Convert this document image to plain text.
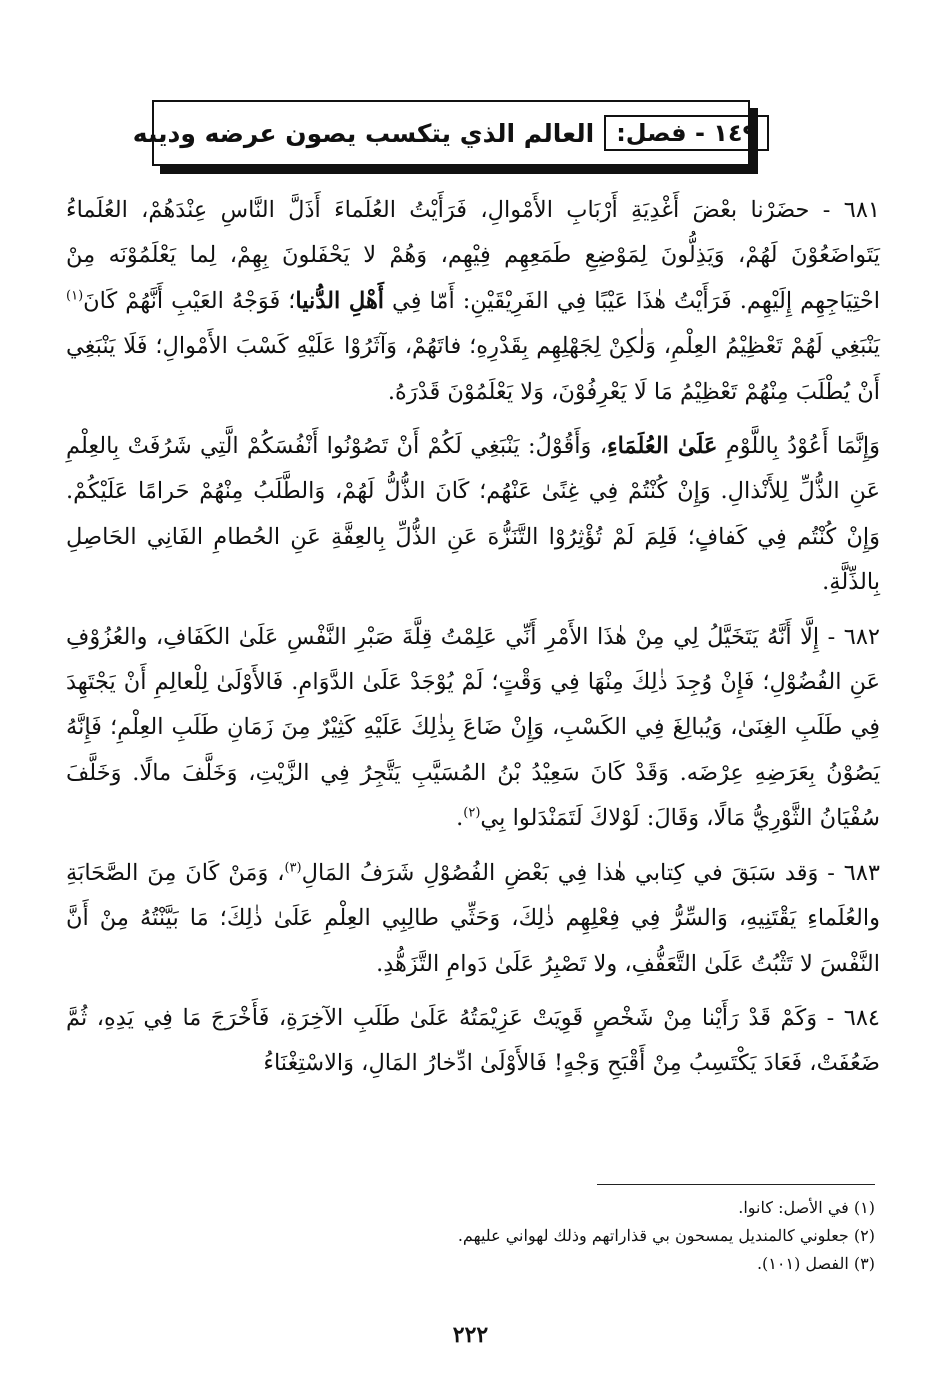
١٤٩ - فصل:
العالم الذي يتكسب يصون عرضه ودينه

٦٨١ - حضَرْنا بعْضَ أَغْدِيَةِ أَرْبَابِ الأَمْوالِ، فَرَأَيْتُ العُلَماءَ أَذَلَّ النَّاسِ عِنْدَهُمْ، العُلَماءُ يَتَواضَعُوْنَ لَهُمْ، وَيَذِلُّونَ لِمَوْضِعِ طَمَعِهِم فِيْهِم، وَهُمْ لا يَحْفَلونَ بِهِمْ، لِما يَعْلَمُوْنَه مِنْ احْتِيَاجِهِم إِلَيْهِم. فَرَأَيْتُ هٰذَا عَيْبًا فِي الفَرِيْقَيْنِ: أَمّا فِي أَهْلِ الدُّنيا؛ فَوَجْهُ العَيْبِ أَنَّهُمْ كَانَ$^{(١)}$ يَنْبَغِي لَهُمْ تَعْظِيْمُ العِلْمِ، وَلٰكِنْ لِجَهْلِهِم بِقَدْرِهِ؛ فاتَهُمْ، وَآثَرُوْا عَلَيْهِ كَسْبَ الأَمْوالِ؛ فَلَا يَنْبَغِي أَنْ يُطْلَبَ مِنْهُمْ تَعْظِيْمُ مَا لَا يَعْرِفُوْنَ، وَلا يَعْلَمُوْنَ قَدْرَهُ.

وَإِنَّمَا أَعُوْدُ بِاللَّوْمِ عَلَىٰ العُلَمَاءِ، وَأَقُوْلُ: يَنْبَغِي لَكُمْ أَنْ تَصُوْنُوا أَنْفُسَكُمْ الَّتِي شَرُفَتْ بِالعِلْمِ عَنِ الذُّلِّ لِلأَنْذالِ. وَإِنْ كُنْتُمْ فِي غِنًىٰ عَنْهُم؛ كَانَ الذُّلُّ لَهُمْ، وَالطَّلَبُ مِنْهُمْ حَرامًا عَلَيْكُمْ. وَإِنْ كُنْتُم فِي كَفافٍ؛ فَلِمَ لَمْ تُؤْثِرُوْا التَّنَزُّهَ عَنِ الذُّلِّ بِالعِفَّةِ عَنِ الحُطامِ الفَانِي الحَاصِلِ بِالذِّلَّةِ.

٦٨٢ - إِلَّا أَنَّهُ يَتَخَيَّلُ لِي مِنْ هٰذَا الأَمْرِ أَنِّي عَلِمْتُ قِلَّةَ صَبْرِ النَّفْسِ عَلَىٰ الكَفَافِ، والعُزُوْفِ عَنِ الفُضُوْلِ؛ فَإِنْ وُجِدَ ذٰلِكَ مِنْهَا فِي وَقْتٍ؛ لَمْ يُوْجَدْ عَلَىٰ الدَّوَامِ. فَالأَوْلَىٰ لِلْعالِمِ أَنْ يَجْتَهِدَ فِي طَلَبِ الغِنَىٰ، وَيُبالِغَ فِي الكَسْبِ، وَإِنْ ضَاعَ بِذٰلِكَ عَلَيْهِ كَثِيْرٌ مِنَ زَمَانِ طَلَبِ العِلْمِ؛ فَإِنَّهُ يَصُوْنُ بِعَرَضِهِ عِرْضَه. وَقَدْ كَانَ سَعِيْدُ بْنُ المُسَيَّبِ يَتَّجِرُ فِي الزَّيْتِ، وَخَلَّفَ مالًا. وَخَلَّفَ سُفْيَانُ الثَّوْرِيُّ مَالًا، وَقَالَ: لَوْلاكَ لَتَمَنْدَلوا بِي$^{(٢)}$.

٦٨٣ - وَقد سَبَقَ في كِتابي هٰذا فِي بَعْضِ الفُصُوْلِ شَرَفُ المَالِ$^{(٣)}$، وَمَنْ كَانَ مِنَ الصَّحَابَةِ والعُلَماءِ يَقْتَنِيهِ، وَالسِّرُّ فِي فِعْلِهِم ذٰلِكَ، وَحَثِّي طالِبِي العِلْمِ عَلَىٰ ذٰلِكَ؛ مَا بَيَّنْتُهُ مِنْ أَنَّ النَّفْسَ لا تَثْبُتُ عَلَىٰ التَّعَفُّفِ، ولا تَصْبِرُ عَلَىٰ دَوامِ التَّزَهُّدِ.

٦٨٤ - وَكَمْ قَدْ رَأَيْنا مِنْ شَخْصٍ قَوِيَتْ عَزِيْمَتُهُ عَلَىٰ طَلَبِ الآخِرَةِ، فَأَخْرَجَ مَا فِي يَدِهِ، ثُمَّ ضَعُفَتْ، فَعَادَ يَكْتَسِبُ مِنْ أَقْبَحِ وَجْهٍ! فَالأَوْلَىٰ ادِّخارُ المَالِ، وَالاسْتِغْنَاءُ

(١) في الأصل: كانوا.

(٢) جعلوني كالمنديل يمسحون بي قذاراتهم وذلك لهواني عليهم.

(٣) الفصل (١٠١).

٢٢٢
